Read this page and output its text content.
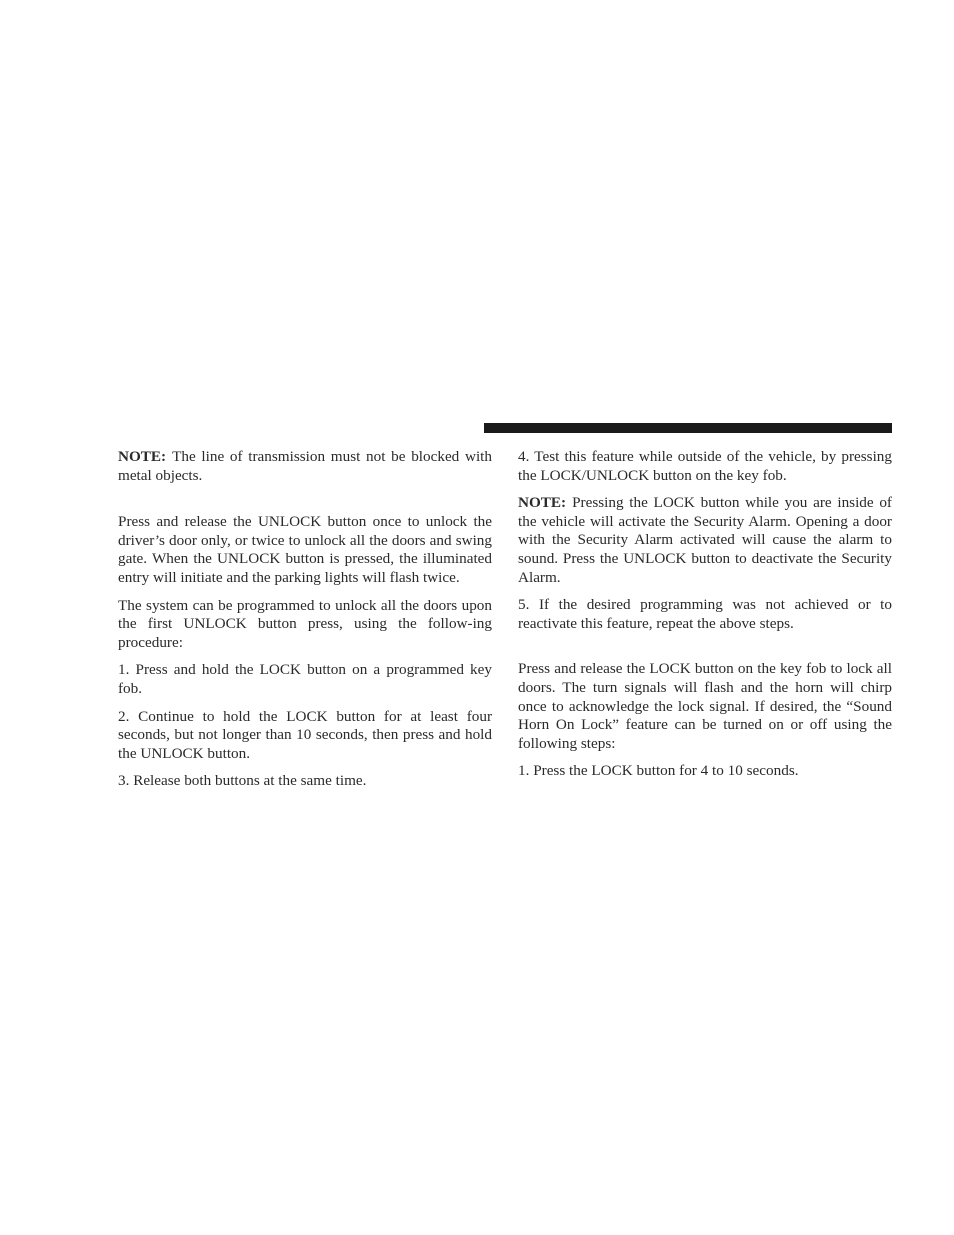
NOTE: The line of transmission must not be blocked with metal objects.

Press and release the UNLOCK button once to unlock the driver’s door only, or twice to unlock all the doors and swing gate. When the UNLOCK button is pressed, the illuminated entry will initiate and the parking lights will flash twice.

The system can be programmed to unlock all the doors upon the first UNLOCK button press, using the follow-ing procedure:

1. Press and hold the LOCK button on a programmed key fob.

2. Continue to hold the LOCK button for at least four seconds, but not longer than 10 seconds, then press and hold the UNLOCK button.

3. Release both buttons at the same time.

4. Test this feature while outside of the vehicle, by pressing the LOCK/UNLOCK button on the key fob.

NOTE: Pressing the LOCK button while you are inside of the vehicle will activate the Security Alarm. Opening a door with the Security Alarm activated will cause the alarm to sound. Press the UNLOCK button to deactivate the Security Alarm.

5. If the desired programming was not achieved or to reactivate this feature, repeat the above steps.

Press and release the LOCK button on the key fob to lock all doors. The turn signals will flash and the horn will chirp once to acknowledge the lock signal. If desired, the “Sound Horn On Lock” feature can be turned on or off using the following steps:

1. Press the LOCK button for 4 to 10 seconds.
